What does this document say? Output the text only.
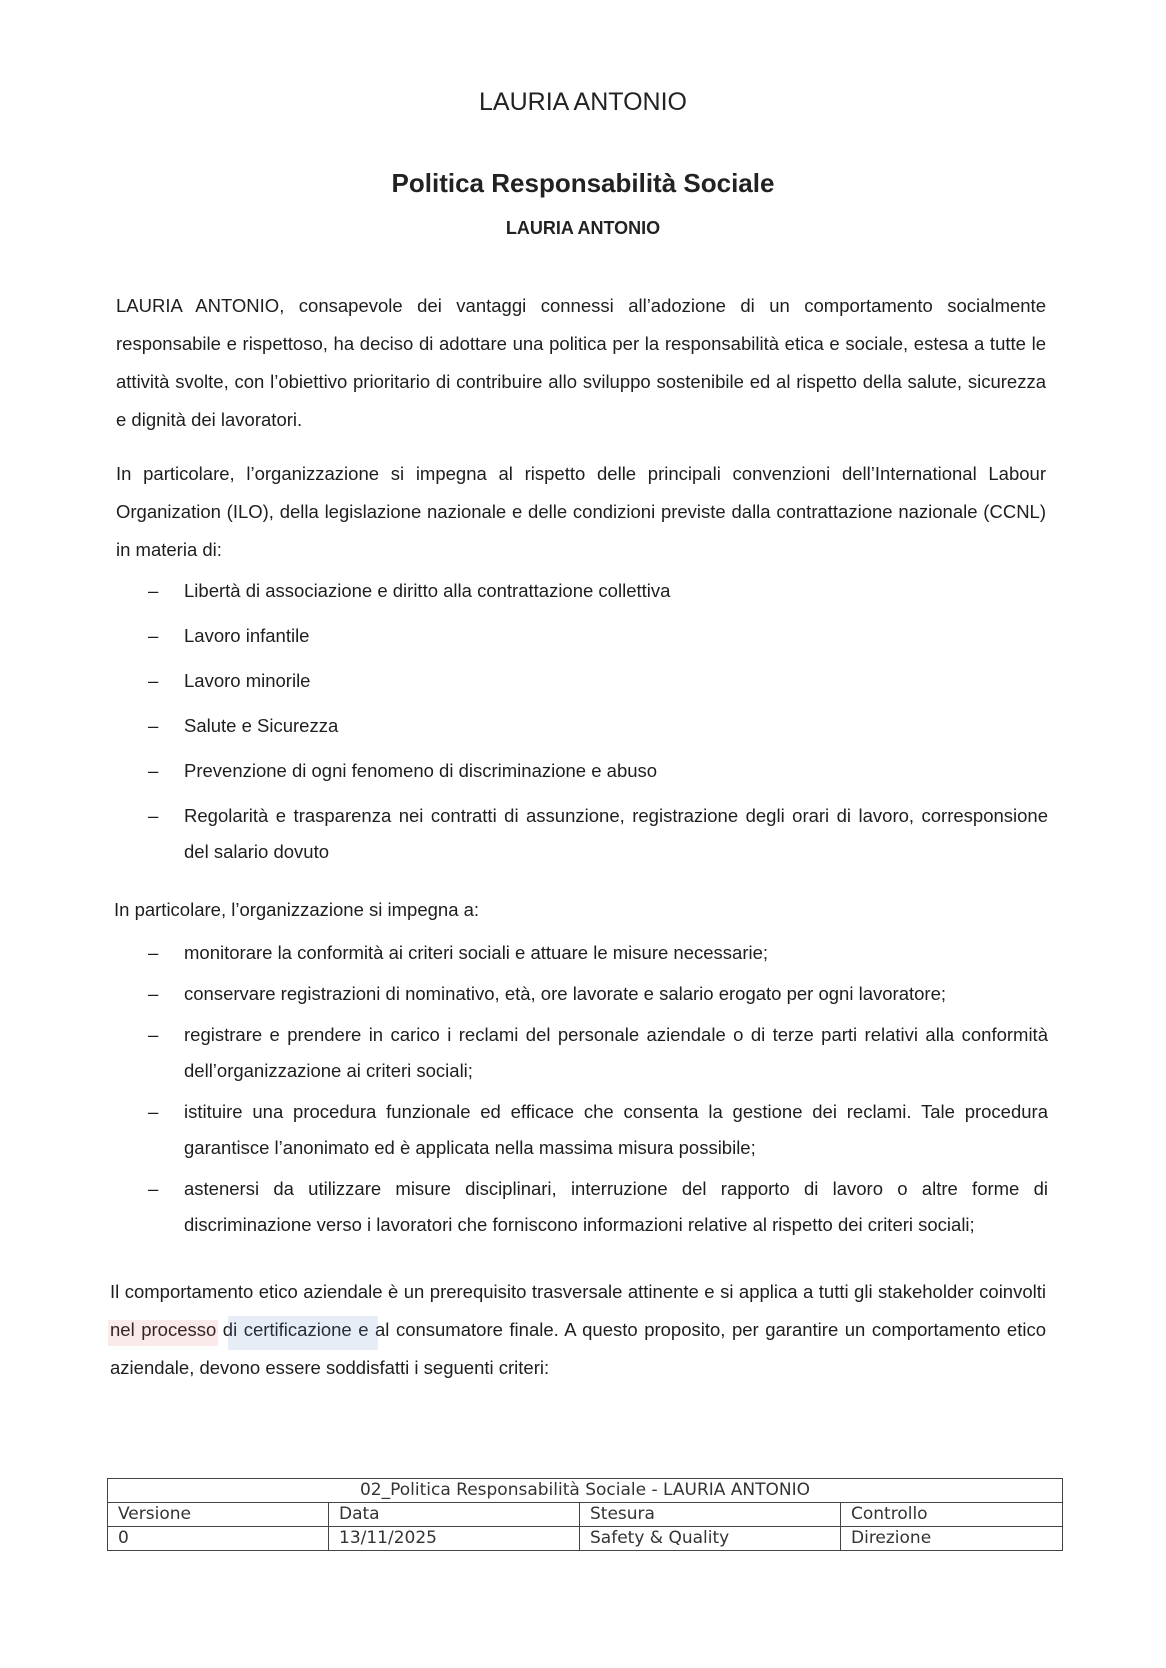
LAURIA ANTONIO
Politica Responsabilità Sociale
LAURIA ANTONIO

LAURIA ANTONIO, consapevole dei vantaggi connessi all’adozione di un comportamento socialmente responsabile e rispettoso, ha deciso di adottare una politica per la responsabilità etica e sociale, estesa a tutte le attività svolte, con l’obiettivo prioritario di contribuire allo sviluppo sostenibile ed al rispetto della salute, sicurezza e dignità dei lavoratori.

In particolare, l’organizzazione si impegna al rispetto delle principali convenzioni dell’International Labour Organization (ILO), della legislazione nazionale e delle condizioni previste dalla contrattazione nazionale (CCNL) in materia di:

– Libertà di associazione e diritto alla contrattazione collettiva
– Lavoro infantile
– Lavoro minorile
– Salute e Sicurezza
– Prevenzione di ogni fenomeno di discriminazione e abuso
– Regolarità e trasparenza nei contratti di assunzione, registrazione degli orari di lavoro, corresponsione del salario dovuto

In particolare, l’organizzazione si impegna a:

– monitorare la conformità ai criteri sociali e attuare le misure necessarie;
– conservare registrazioni di nominativo, età, ore lavorate e salario erogato per ogni lavoratore;
– registrare e prendere in carico i reclami del personale aziendale o di terze parti relativi alla conformità dell’organizzazione ai criteri sociali;
– istituire una procedura funzionale ed efficace che consenta la gestione dei reclami. Tale procedura garantisce l’anonimato ed è applicata nella massima misura possibile;
– astenersi da utilizzare misure disciplinari, interruzione del rapporto di lavoro o altre forme di discriminazione verso i lavoratori che forniscono informazioni relative al rispetto dei criteri sociali;

Il comportamento etico aziendale è un prerequisito trasversale attinente e si applica a tutti gli stakeholder coinvolti nel processo di certificazione e al consumatore finale. A questo proposito, per garantire un comportamento etico aziendale, devono essere soddisfatti i seguenti criteri:

02_Politica Responsabilità Sociale - LAURIA ANTONIO			
Versione	Data	Stesura	Controllo
0	13/11/2025	Safety & Quality	Direzione
